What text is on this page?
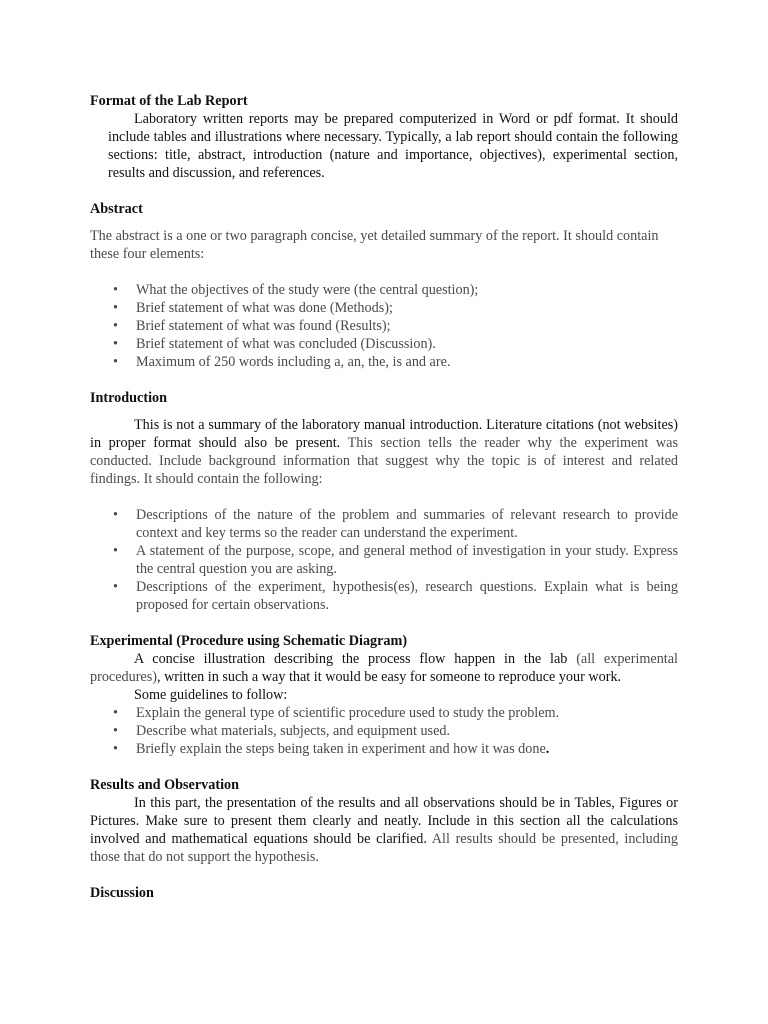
Format of the Lab Report

Laboratory written reports may be prepared computerized in Word or pdf format. It should include tables and illustrations where necessary. Typically, a lab report should contain the following sections: title, abstract, introduction (nature and importance, objectives), experimental section, results and discussion, and references.

Abstract

The abstract is a one or two paragraph concise, yet detailed summary of the report. It should contain these four elements:

• What the objectives of the study were (the central question);
• Brief statement of what was done (Methods);
• Brief statement of what was found (Results);
• Brief statement of what was concluded (Discussion).
• Maximum of 250 words including a, an, the, is and are.

Introduction

This is not a summary of the laboratory manual introduction. Literature citations (not websites) in proper format should also be present. This section tells the reader why the experiment was conducted. Include background information that suggest why the topic is of interest and related findings. It should contain the following:

• Descriptions of the nature of the problem and summaries of relevant research to provide context and key terms so the reader can understand the experiment.
• A statement of the purpose, scope, and general method of investigation in your study. Express the central question you are asking.
• Descriptions of the experiment, hypothesis(es), research questions. Explain what is being proposed for certain observations.

Experimental (Procedure using Schematic Diagram)

A concise illustration describing the process flow happen in the lab (all experimental procedures), written in such a way that it would be easy for someone to reproduce your work.

Some guidelines to follow:

• Explain the general type of scientific procedure used to study the problem.
• Describe what materials, subjects, and equipment used.
• Briefly explain the steps being taken in experiment and how it was done.

Results and Observation

In this part, the presentation of the results and all observations should be in Tables, Figures or Pictures. Make sure to present them clearly and neatly. Include in this section all the calculations involved and mathematical equations should be clarified. All results should be presented, including those that do not support the hypothesis.

Discussion
